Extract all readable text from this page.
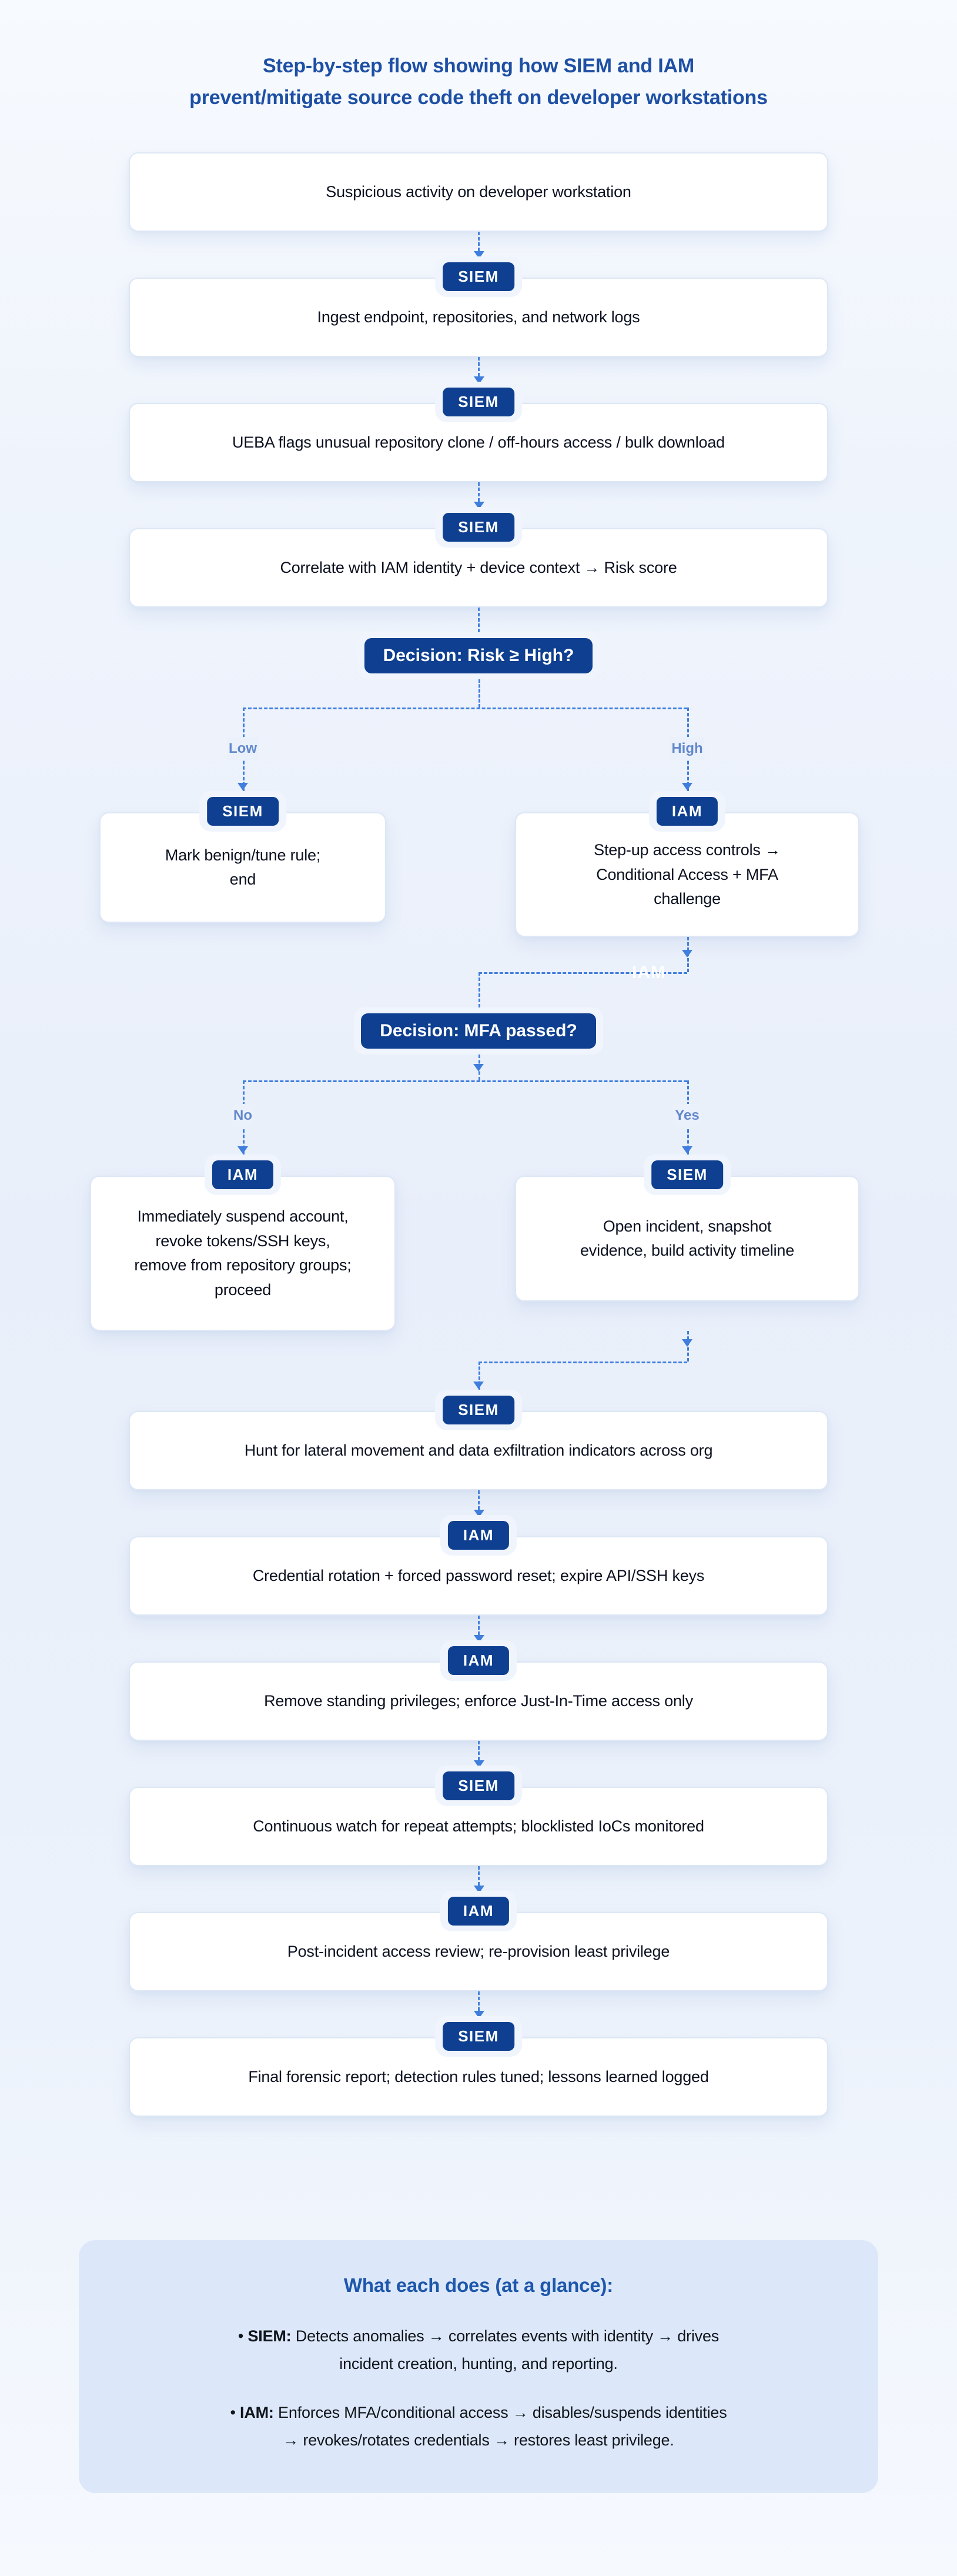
Step-by-step flow showing how SIEM and IAM
prevent/mitigate source code theft on developer workstations
Suspicious activity on developer workstation
SIEM
Ingest endpoint, repositories, and network logs
SIEM
UEBA flags unusual repository clone / off-hours access / bulk download
SIEM
Correlate with IAM identity + device context → Risk score
Decision: Risk ≥ High?
Low	High
SIEM
Mark benign/tune rule;
end
IAM
Step-up access controls →
Conditional Access + MFA
challenge
IAM
Decision: MFA passed?
No	Yes
IAM
Immediately suspend account,
revoke tokens/SSH keys,
remove from repository groups;
proceed
SIEM
Open incident, snapshot
evidence, build activity timeline
SIEM
Hunt for lateral movement and data exfiltration indicators across org
IAM
Credential rotation + forced password reset; expire API/SSH keys
IAM
Remove standing privileges; enforce Just-In-Time access only
SIEM
Continuous watch for repeat attempts; blocklisted IoCs monitored
IAM
Post-incident access review; re-provision least privilege
SIEM
Final forensic report; detection rules tuned; lessons learned logged
What each does (at a glance):
• SIEM: Detects anomalies → correlates events with identity → drives
incident creation, hunting, and reporting.
• IAM: Enforces MFA/conditional access → disables/suspends identities
→ revokes/rotates credentials → restores least privilege.
